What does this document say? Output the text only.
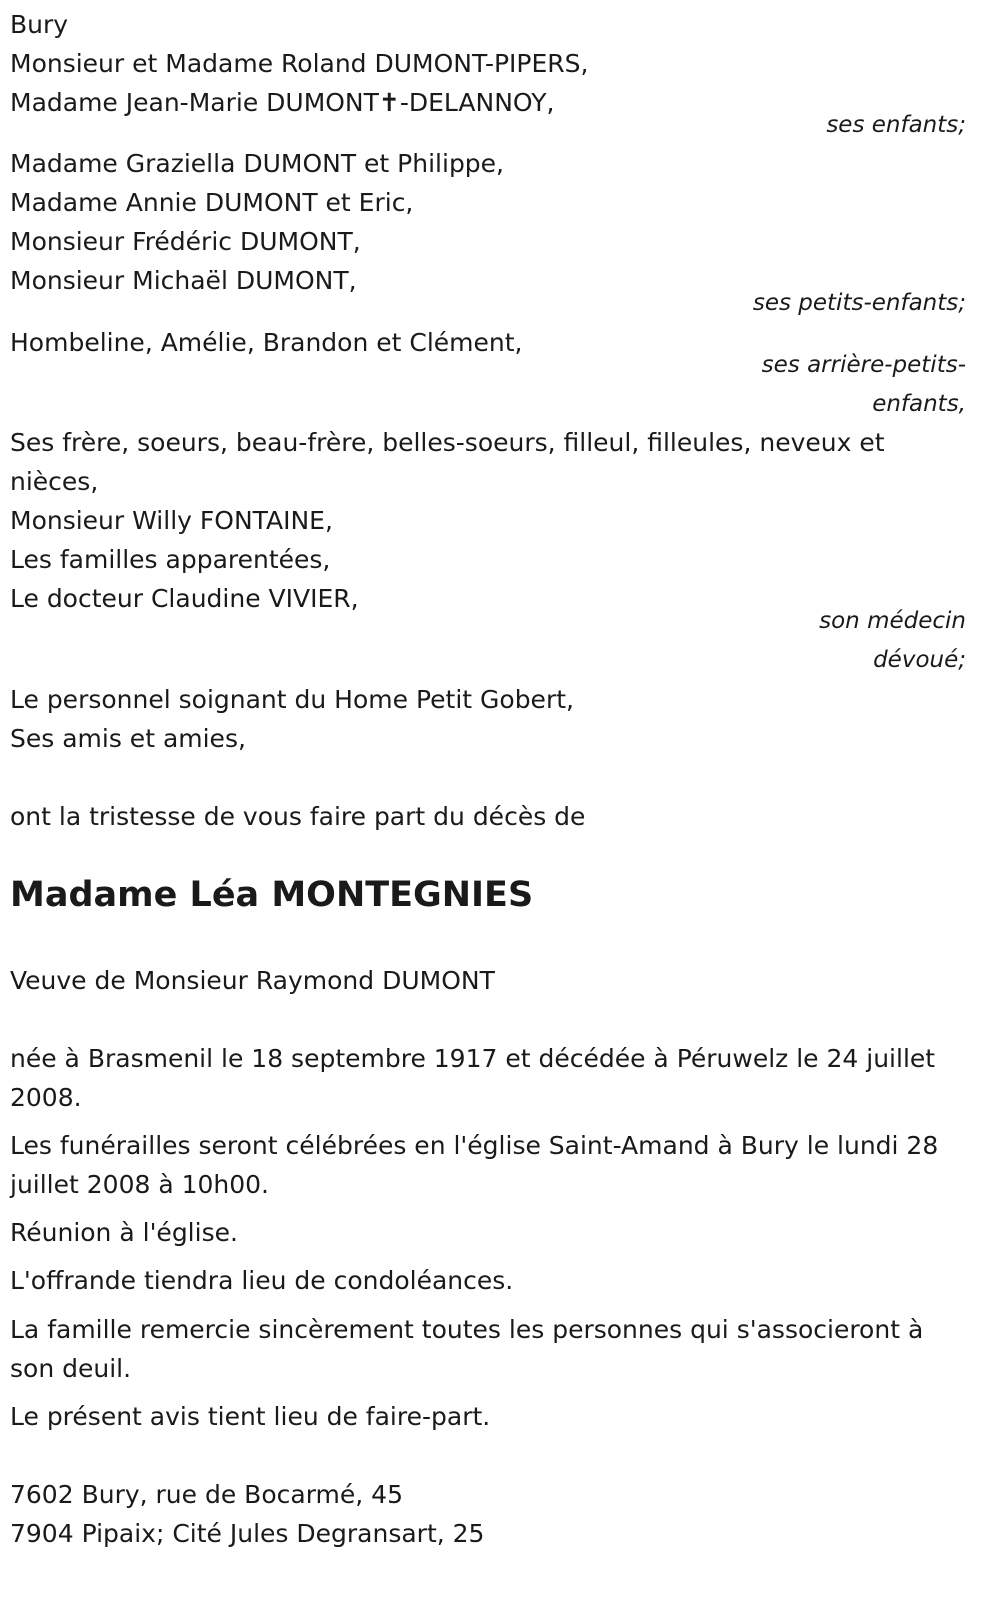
Bury

Monsieur et Madame Roland DUMONT-PIPERS,

Madame Jean-Marie DUMONT✝-DELANNOY,

ses enfants;

Madame Graziella DUMONT et Philippe,

Madame Annie DUMONT et Eric,

Monsieur Frédéric DUMONT,

Monsieur Michaël DUMONT,

ses petits-enfants;

Hombeline, Amélie, Brandon et Clément,

ses arrière-petits-

enfants,

Ses frère, soeurs, beau-frère, belles-soeurs, filleul, filleules, neveux et

nièces,

Monsieur Willy FONTAINE,

Les familles apparentées,

Le docteur Claudine VIVIER,

son médecin

dévoué;

Le personnel soignant du Home Petit Gobert,

Ses amis et amies,

ont la tristesse de vous faire part du décès de

Madame Léa MONTEGNIES

Veuve de Monsieur Raymond DUMONT

née à Brasmenil le 18 septembre 1917 et décédée à Péruwelz le 24 juillet

2008.

Les funérailles seront célébrées en l'église Saint-Amand à Bury le lundi 28

juillet 2008 à 10h00.

Réunion à l'église.

L'offrande tiendra lieu de condoléances.

La famille remercie sincèrement toutes les personnes qui s'associeront à

son deuil.

Le présent avis tient lieu de faire-part.

7602 Bury, rue de Bocarmé, 45

7904 Pipaix; Cité Jules Degransart, 25
